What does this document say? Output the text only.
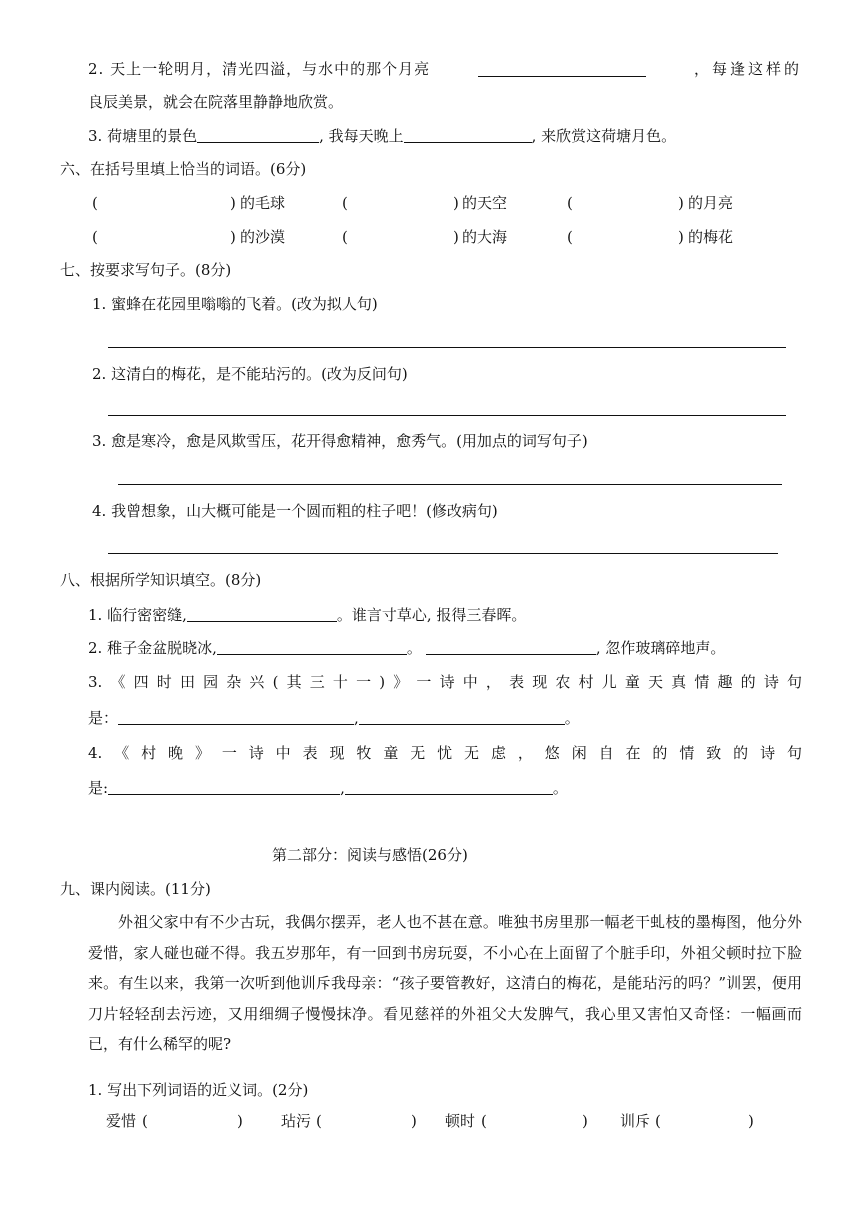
2. 天上一轮明月，清光四溢，与水中的那个月亮	，每逢这样的
良辰美景，就会在院落里静静地欣赏。
3. 荷塘里的景色	, 我每天晚上	, 来欣赏这荷塘月色。
六、在括号里填上恰当的词语。(6分)
(	) 的毛球	(	) 的天空	(	) 的月亮
(	) 的沙漠	(	) 的大海	(	) 的梅花
七、按要求写句子。(8分)
1. 蜜蜂在花园里嗡嗡的飞着。(改为拟人句)
2. 这清白的梅花，是不能玷污的。(改为反问句)
3. 愈是寒冷，愈是风欺雪压，花开得愈精神，愈秀气。(用加点的词写句子)
4. 我曾想象，山大概可能是一个圆而粗的柱子吧！(修改病句)
八、根据所学知识填空。(8分)
1. 临行密密缝,	。谁言寸草心, 报得三春晖。
2. 稚子金盆脱晓冰,	。	, 忽作玻璃碎地声。
3.《四时田园杂兴(其三十一)》一诗中，表现农村儿童天真情趣的诗句
是：	,	。
4.《村晚》一诗中表现牧童无忧无虑，悠闲自在的情致的诗句
是:	,	。
第二部分：阅读与感悟(26分)
九、课内阅读。(11分)
外祖父家中有不少古玩，我偶尔摆弄，老人也不甚在意。唯独书房里那一幅老干虬枝的墨梅图，他分外爱惜，家人碰也碰不得。我五岁那年，有一回到书房玩耍，不小心在上面留了个脏手印，外祖父顿时拉下脸来。有生以来，我第一次听到他训斥我母亲：“孩子要管教好，这清白的梅花，是能玷污的吗？”训罢，便用刀片轻轻刮去污迹，又用细绸子慢慢抹净。看见慈祥的外祖父大发脾气，我心里又害怕又奇怪：一幅画而已，有什么稀罕的呢?
1. 写出下列词语的近义词。(2分)
爱惜 (	)	玷污 (	) 顿时 (	) 训斥 (	)
